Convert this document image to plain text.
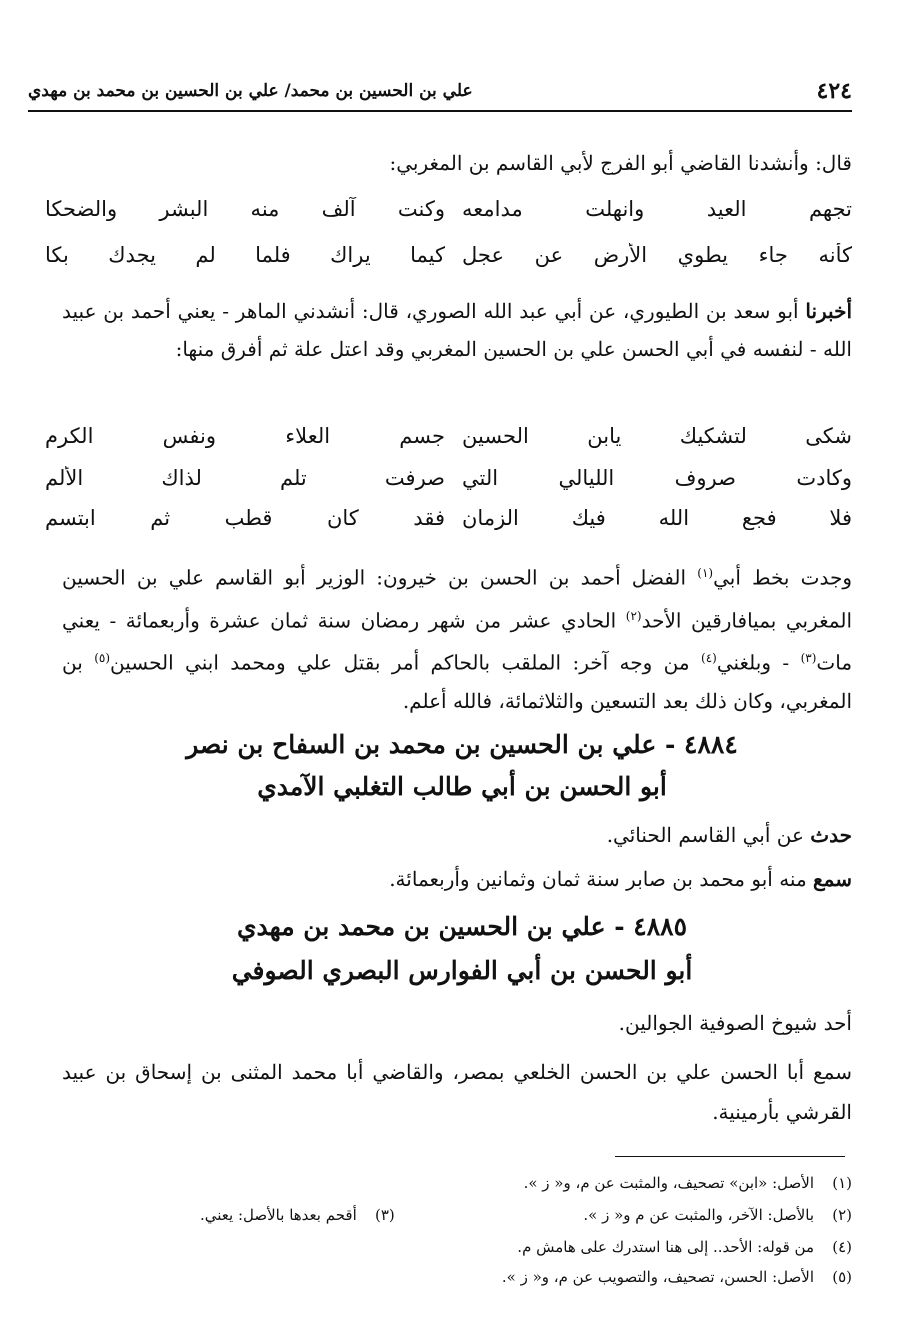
٤٢٤
علي بن الحسين بن محمد/ علي بن الحسين بن محمد بن مهدي
قال: وأنشدنا القاضي أبو الفرج لأبي القاسم بن المغربي:
تجهم العيد وانهلت مدامعه
وكنت آلف منه البشر والضحكا
كأنه جاء يطوي الأرض عن عجل
كيما يراك فلما لم يجدك بكا
أخبرنا أبو سعد بن الطيوري، عن أبي عبد الله الصوري، قال: أنشدني الماهر - يعني أحمد بن عبيد الله - لنفسه في أبي الحسن علي بن الحسين المغربي وقد اعتل علة ثم أفرق منها:
شكى لتشكيك يابن الحسين
جسم العلاء ونفس الكرم
وكادت صروف الليالي التي
صرفت تلم لذاك الألم
فلا فجع الله فيك الزمان
فقد كان قطب ثم ابتسم
وجدت بخط أبي$^{(١)}$ الفضل أحمد بن الحسن بن خيرون: الوزير أبو القاسم علي بن الحسين المغربي بميافارقين الأحد$^{(٢)}$ الحادي عشر من شهر رمضان سنة ثمان عشرة وأربعمائة - يعني مات$^{(٣)}$ - وبلغني$^{(٤)}$ من وجه آخر: الملقب بالحاكم أمر بقتل علي ومحمد ابني الحسين$^{(٥)}$ بن المغربي، وكان ذلك بعد التسعين والثلاثمائة، فالله أعلم.
٤٨٨٤ - علي بن الحسين بن محمد بن السفاح بن نصر
أبو الحسن بن أبي طالب التغلبي الآمدي
حدث عن أبي القاسم الحنائي.
سمع منه أبو محمد بن صابر سنة ثمان وثمانين وأربعمائة.
٤٨٨٥ - علي بن الحسين بن محمد بن مهدي
أبو الحسن بن أبي الفوارس البصري الصوفي
أحد شيوخ الصوفية الجوالين.
سمع أبا الحسن علي بن الحسن الخلعي بمصر، والقاضي أبا محمد المثنى بن إسحاق بن عبيد القرشي بأرمينية.
(١)الأصل: «ابن» تصحيف، والمثبت عن م، و« ز ».
(٢)بالأصل: الآخر، والمثبت عن م و« ز ».
(٣)أقحم بعدها بالأصل: يعني.
(٤)من قوله: الأحد.. إلى هنا استدرك على هامش م.
(٥)الأصل: الحسن، تصحيف، والتصويب عن م، و« ز ».
